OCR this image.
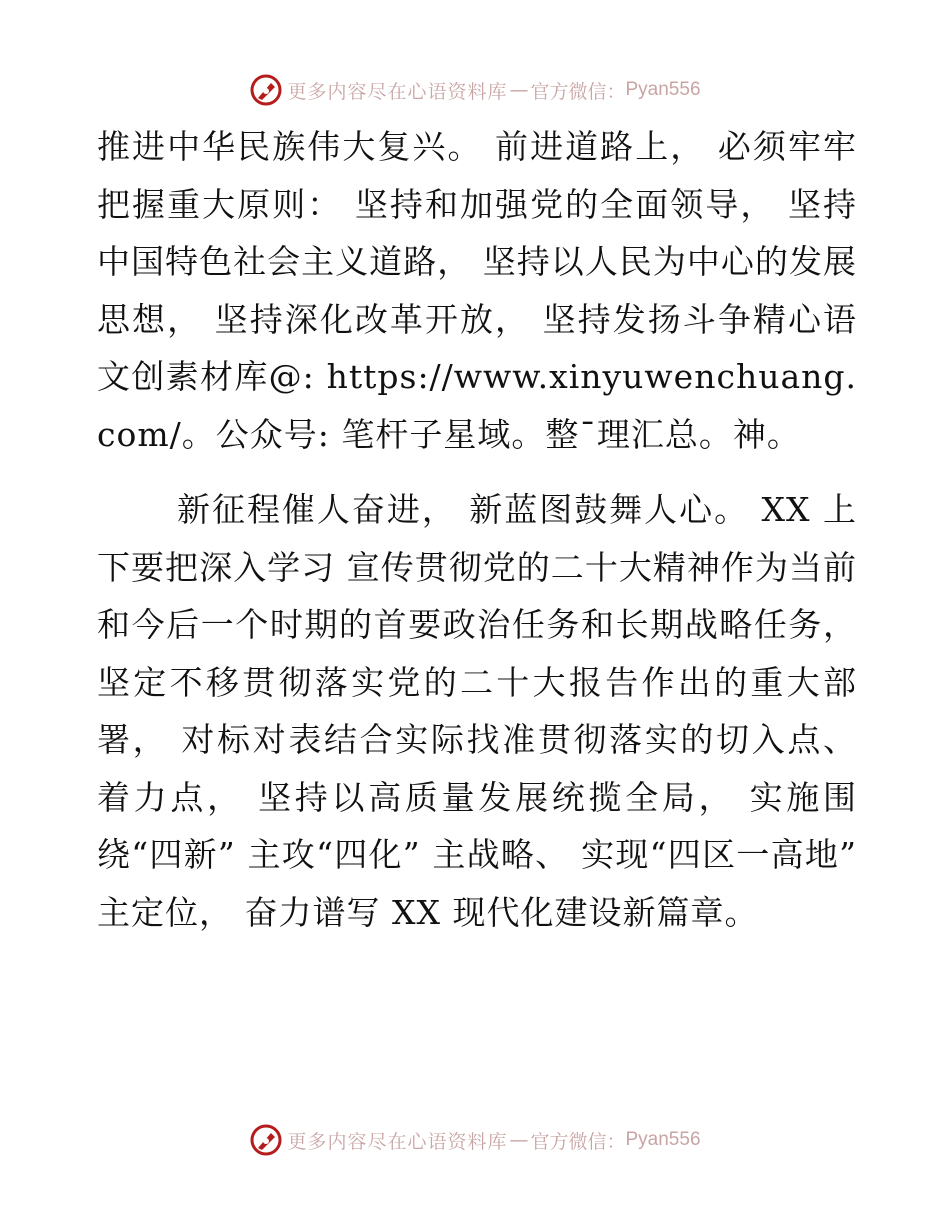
更多内容尽在心语资料库 — 官方微信： Pyan556

推进中华民族伟大复兴。 前进道路上， 必须牢牢把握重大原则： 坚持和加强党的全面领导， 坚持中国特色社会主义道路， 坚持以人民为中心的发展思想， 坚持深化改革开放， 坚持发扬斗争精心语文创素材库@: https://www.xinyuwenchuang.com/。公众号: 笔杆子星域。整¯理汇总。神。

新征程催人奋进， 新蓝图鼓舞人心。 XX 上下要把深入学习 宣传贯彻党的二十大精神作为当前和今后一个时期的首要政治任务和长期战略任务， 坚定不移贯彻落实党的二十大报告作出的重大部署， 对标对表结合实际找准贯彻落实的切入点、 着力点， 坚持以高质量发展统揽全局， 实施围绕“四新” 主攻“四化” 主战略、 实现“四区一高地” 主定位， 奋力谱写 XX 现代化建设新篇章。

更多内容尽在心语资料库 — 官方微信： Pyan556
